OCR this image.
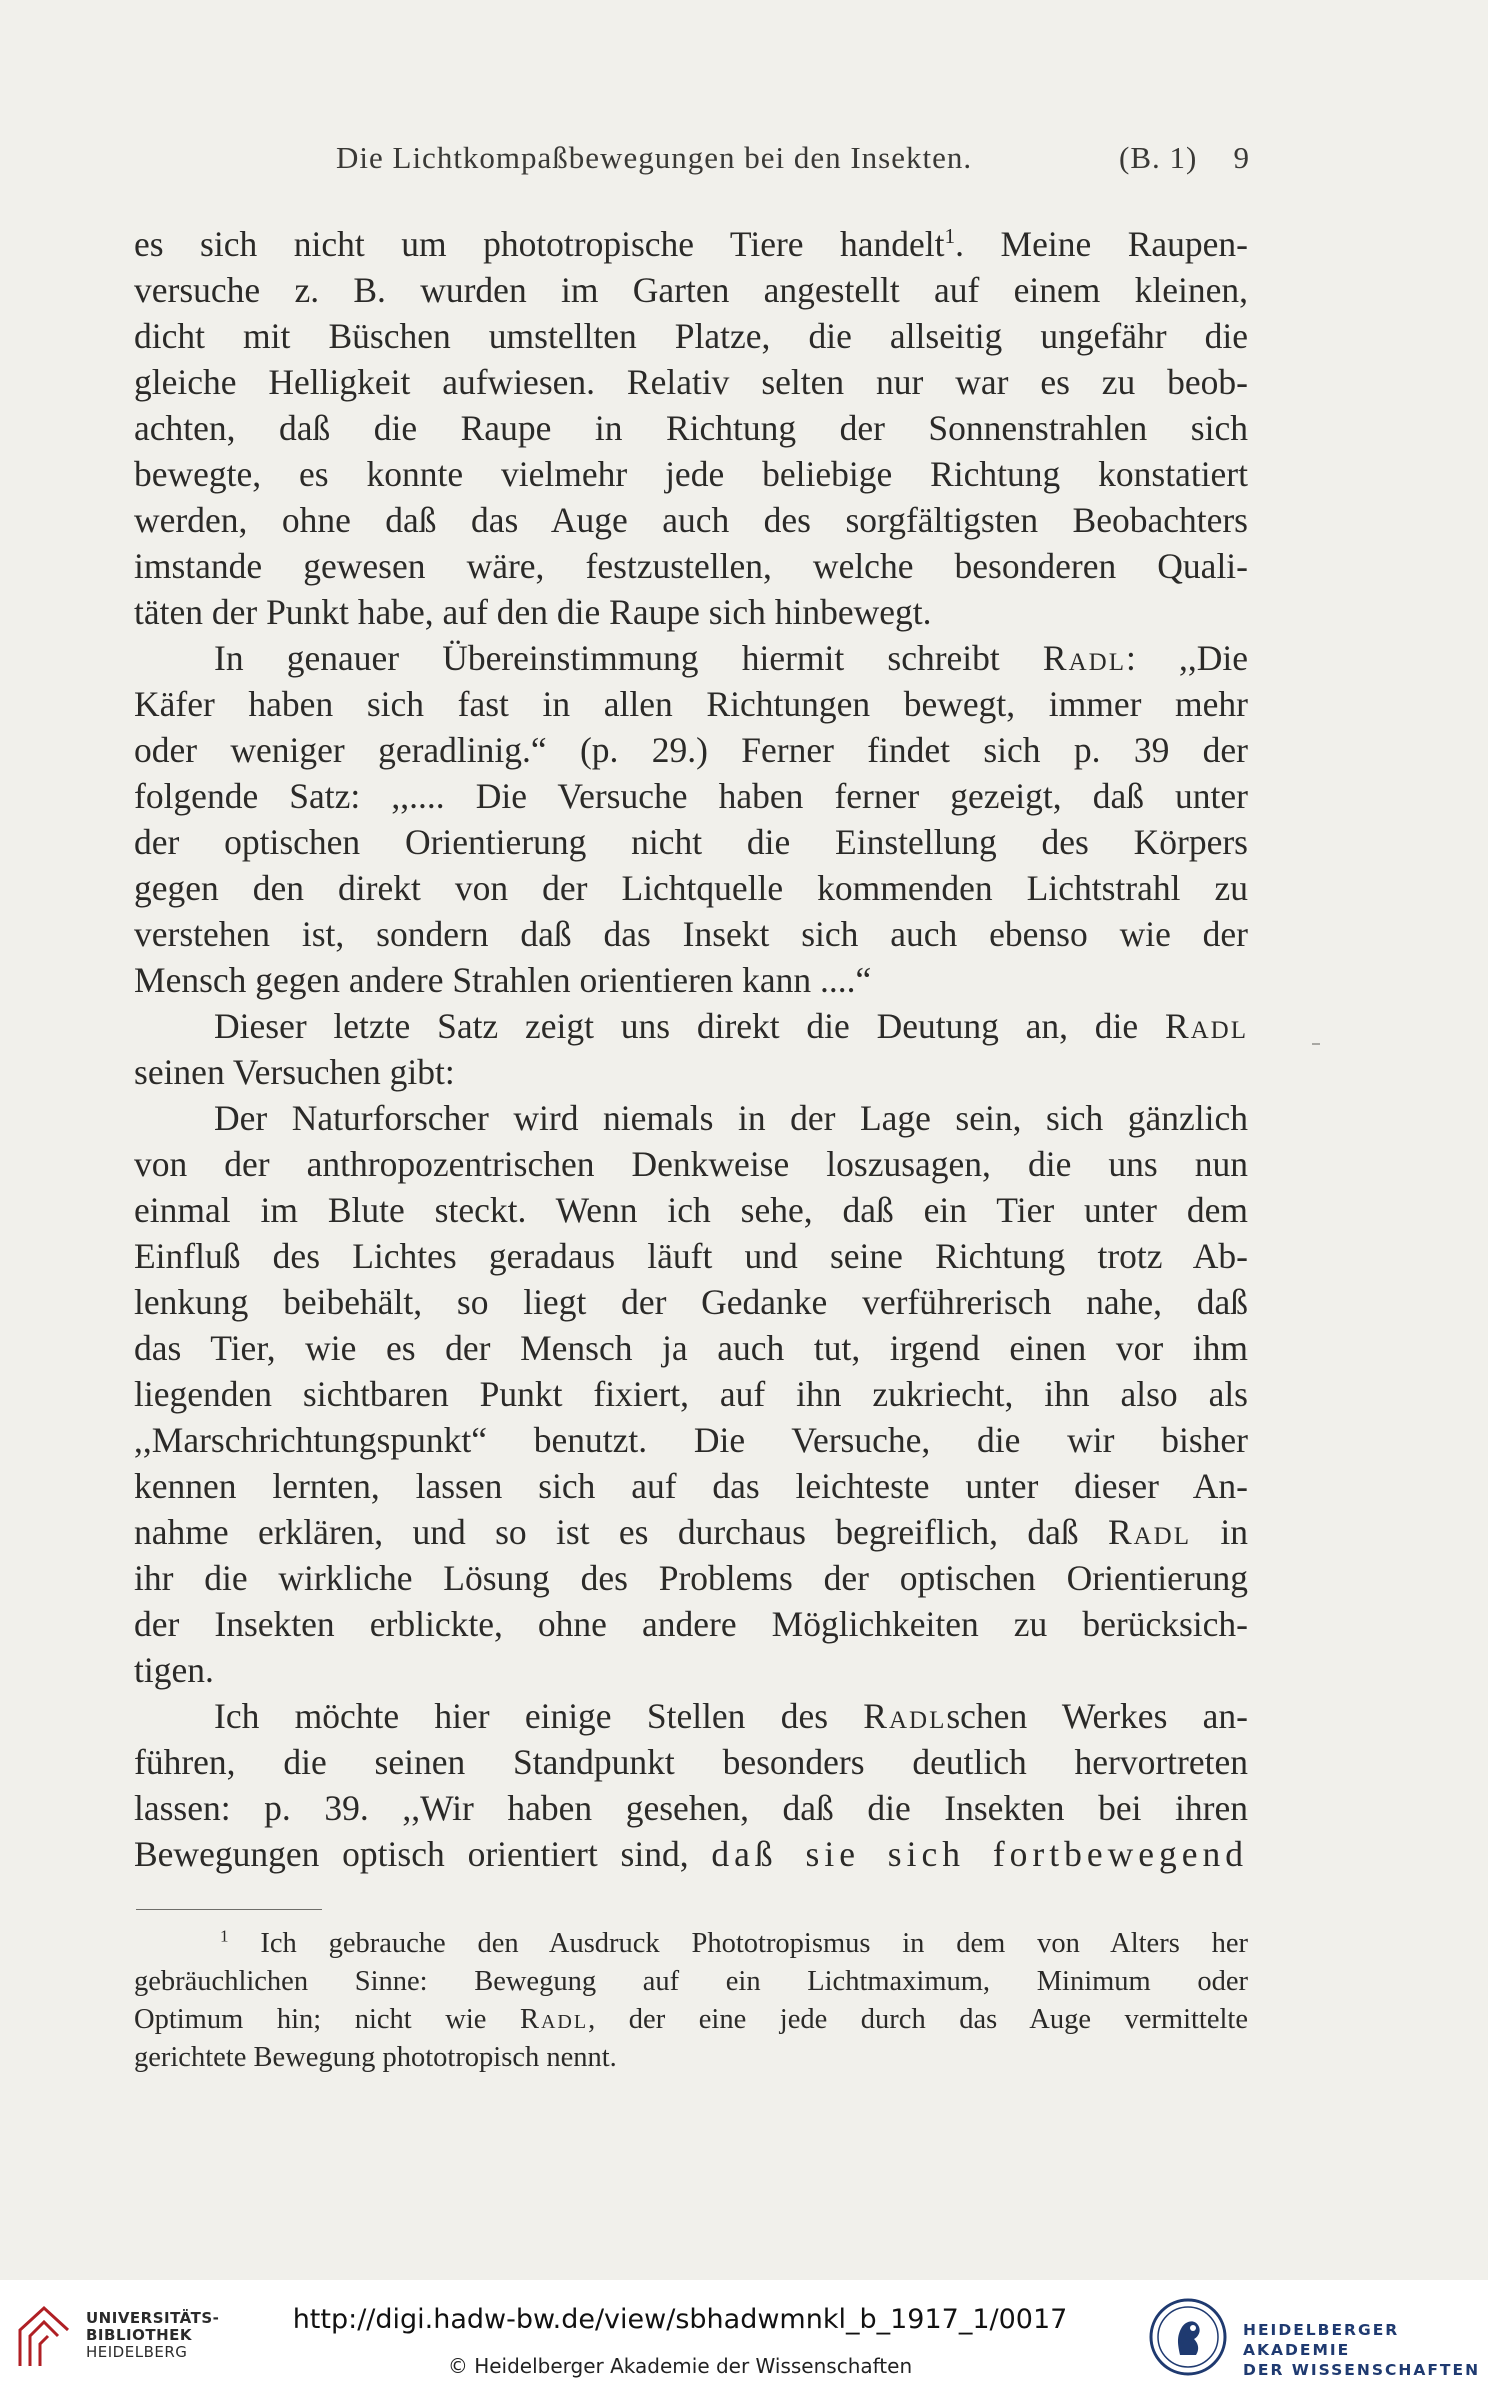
Die Lichtkompaßbewegungen bei den Insekten.	(B. 1) 9
es sich nicht um phototropische Tiere handelt$^1$. Meine Raupen-
versuche z. B. wurden im Garten angestellt auf einem kleinen,
dicht mit Büschen umstellten Platze, die allseitig ungefähr die
gleiche Helligkeit aufwiesen. Relativ selten nur war es zu beob-
achten, daß die Raupe in Richtung der Sonnenstrahlen sich
bewegte, es konnte vielmehr jede beliebige Richtung konstatiert
werden, ohne daß das Auge auch des sorgfältigsten Beobachters
imstande gewesen wäre, festzustellen, welche besonderen Quali-
täten der Punkt habe, auf den die Raupe sich hinbewegt.
In genauer Übereinstimmung hiermit schreibt Radl: ,,Die
Käfer haben sich fast in allen Richtungen bewegt, immer mehr
oder weniger geradlinig.“ (p. 29.) Ferner findet sich p. 39 der
folgende Satz: ,,.... Die Versuche haben ferner gezeigt, daß unter
der optischen Orientierung nicht die Einstellung des Körpers
gegen den direkt von der Lichtquelle kommenden Lichtstrahl zu
verstehen ist, sondern daß das Insekt sich auch ebenso wie der
Mensch gegen andere Strahlen orientieren kann ....“
Dieser letzte Satz zeigt uns direkt die Deutung an, die Radl
seinen Versuchen gibt:
Der Naturforscher wird niemals in der Lage sein, sich gänzlich
von der anthropozentrischen Denkweise loszusagen, die uns nun
einmal im Blute steckt. Wenn ich sehe, daß ein Tier unter dem
Einfluß des Lichtes geradaus läuft und seine Richtung trotz Ab-
lenkung beibehält, so liegt der Gedanke verführerisch nahe, daß
das Tier, wie es der Mensch ja auch tut, irgend einen vor ihm
liegenden sichtbaren Punkt fixiert, auf ihn zukriecht, ihn also als
,,Marschrichtungspunkt“ benutzt. Die Versuche, die wir bisher
kennen lernten, lassen sich auf das leichteste unter dieser An-
nahme erklären, und so ist es durchaus begreiflich, daß Radl in
ihr die wirkliche Lösung des Problems der optischen Orientierung
der Insekten erblickte, ohne andere Möglichkeiten zu berücksich-
tigen.
Ich möchte hier einige Stellen des Radlschen Werkes an-
führen, die seinen Standpunkt besonders deutlich hervortreten
lassen: p. 39. ,,Wir haben gesehen, daß die Insekten bei ihren
Bewegungen optisch orientiert sind, daß sie sich fortbewegend
$^1$ Ich gebrauche den Ausdruck Phototropismus in dem von Alters her
gebräuchlichen Sinne: Bewegung auf ein Lichtmaximum, Minimum oder
Optimum hin; nicht wie Radl, der eine jede durch das Auge vermittelte
gerichtete Bewegung phototropisch nennt.
UNIVERSITÄTS-
BIBLIOTHEK
HEIDELBERG
http://digi.hadw-bw.de/view/sbhadwmnkl_b_1917_1/0017
© Heidelberger Akademie der Wissenschaften
HEIDELBERGER AKADEMIE
DER WISSENSCHAFTEN
